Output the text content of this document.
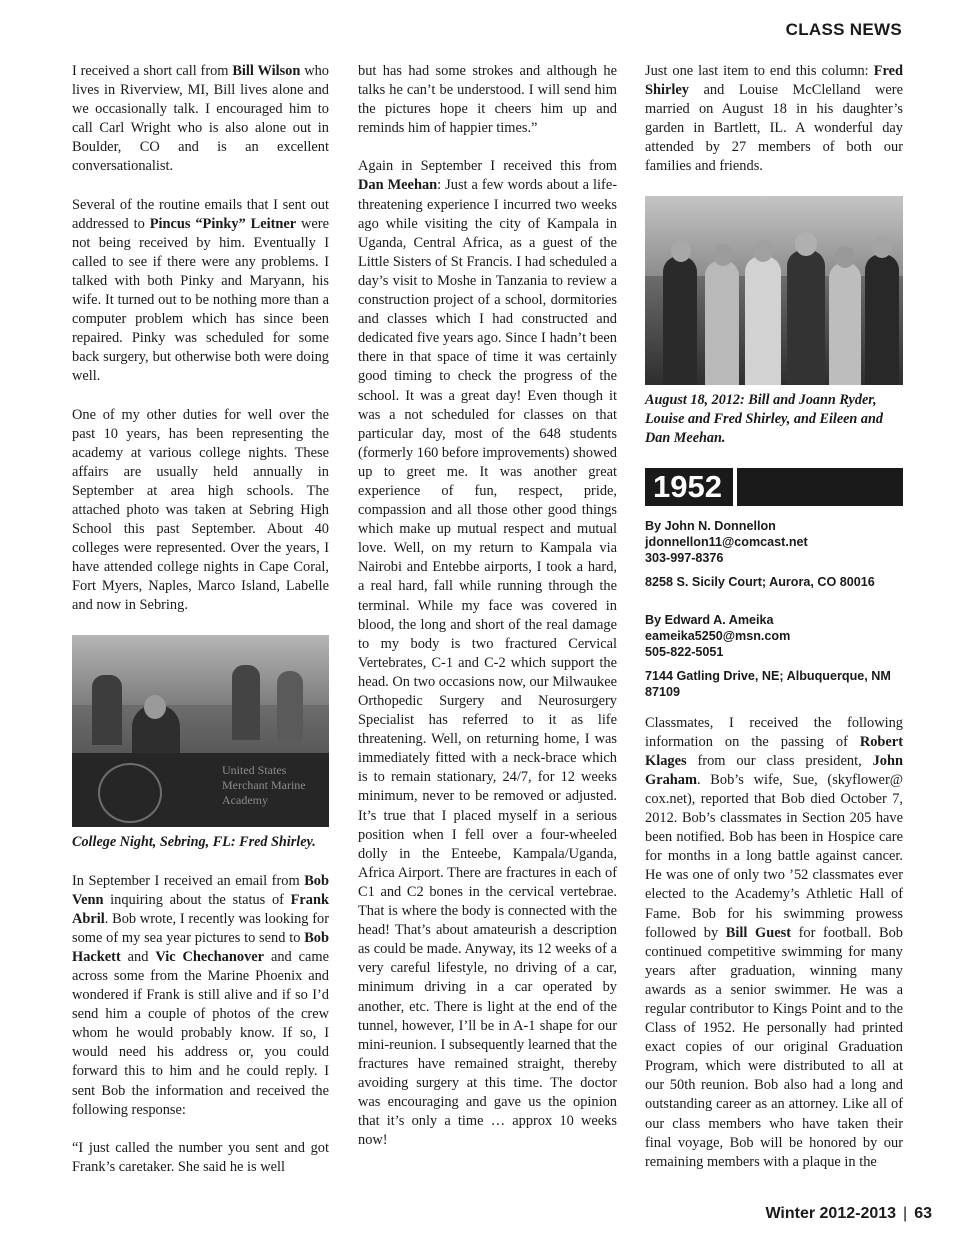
CLASS NEWS

I received a short call from Bill Wilson who lives in Riverview, MI, Bill lives alone and we occasionally talk. I encouraged him to call Carl Wright who is also alone out in Boulder, CO and is an excellent conversationalist.

Several of the routine emails that I sent out addressed to Pincus “Pinky” Leitner were not being received by him. Eventually I called to see if there were any problems. I talked with both Pinky and Maryann, his wife. It turned out to be nothing more than a computer problem which has since been repaired. Pinky was scheduled for some back surgery, but otherwise both were doing well.

One of my other duties for well over the past 10 years, has been representing the academy at various college nights. These affairs are usually held annually in September at area high schools. The attached photo was taken at Sebring High School this past September. About 40 colleges were represented. Over the years, I have attended college nights in Cape Coral, Fort Myers, Naples, Marco Island, Labelle and now in Sebring.

United States Merchant Marine Academy
College Night, Sebring, FL: Fred Shirley.

In September I received an email from Bob Venn inquiring about the status of Frank Abril. Bob wrote, I recently was looking for some of my sea year pictures to send to Bob Hackett and Vic Chechanover and came across some from the Marine Phoenix and wondered if Frank is still alive and if so I’d send him a couple of photos of the crew whom he would probably know. If so, I would need his address or, you could forward this to him and he could reply. I sent Bob the information and received the following response:

“I just called the number you sent and got Frank’s caretaker. She said he is well

but has had some strokes and although he talks he can’t be understood. I will send him the pictures hope it cheers him up and reminds him of happier times.”

Again in September I received this from Dan Meehan: Just a few words about a life-threatening experience I incurred two weeks ago while visiting the city of Kampala in Uganda, Central Africa, as a guest of the Little Sisters of St Francis. I had scheduled a day’s visit to Moshe in Tanzania to review a construction project of a school, dormitories and classes which I had constructed and dedicated five years ago. Since I hadn’t been there in that space of time it was certainly good timing to check the progress of the school. It was a great day! Even though it was a not scheduled for classes on that particular day, most of the 648 students (formerly 160 before improvements) showed up to greet me. It was another great experience of fun, respect, pride, compassion and all those other good things which make up mutual respect and mutual love. Well, on my return to Kampala via Nairobi and Entebbe airports, I took a hard, a real hard, fall while running through the terminal. While my face was covered in blood, the long and short of the real damage to my body is two fractured Cervical Vertebrates, C-1 and C-2 which support the head. On two occasions now, our Milwaukee Orthopedic Surgery and Neurosurgery Specialist has referred to it as life threatening. Well, on returning home, I was immediately fitted with a neck-brace which is to remain stationary, 24/7, for 12 weeks minimum, never to be removed or adjusted. It’s true that I placed myself in a serious position when I fell over a four-wheeled dolly in the Enteebe, Kampala/Uganda, Africa Airport. There are fractures in each of C1 and C2 bones in the cervical vertebrae. That is where the body is connected with the head! That’s about amateurish a description as could be made. Anyway, its 12 weeks of a very careful lifestyle, no driving of a car, minimum driving in a car operated by another, etc. There is light at the end of the tunnel, however, I’ll be in A-1 shape for our mini-reunion. I subsequently learned that the fractures have remained straight, thereby avoiding surgery at this time. The doctor was encouraging and gave us the opinion that it’s only a time … approx 10 weeks now!

Just one last item to end this column: Fred Shirley and Louise McClelland were married on August 18 in his daughter’s garden in Bartlett, IL. A wonderful day attended by 27 members of both our families and friends.

August 18, 2012: Bill and Joann Ryder, Louise and Fred Shirley, and Eileen and Dan Meehan.
1952
By John N. Donnellon
jdonnellon11@comcast.net
303-997-8376
8258 S. Sicily Court; Aurora, CO 80016
By Edward A. Ameika
eameika5250@msn.com
505-822-5051
7144 Gatling Drive, NE; Albuquerque, NM 87109

Classmates, I received the following information on the passing of Robert Klages from our class president, John Graham. Bob’s wife, Sue, (skyflower@ cox.net), reported that Bob died October 7, 2012. Bob’s classmates in Section 205 have been notified. Bob has been in Hospice care for months in a long battle against cancer. He was one of only two ’52 classmates ever elected to the Academy’s Athletic Hall of Fame. Bob for his swimming prowess followed by Bill Guest for football. Bob continued competitive swimming for many years after graduation, winning many awards as a senior swimmer. He was a regular contributor to Kings Point and to the Class of 1952. He personally had printed exact copies of our original Graduation Program, which were distributed to all at our 50th reunion. Bob also had a long and outstanding career as an attorney. Like all of our class members who have taken their final voyage, Bob will be honored by our remaining members with a plaque in the

Winter 2012-2013 | 63
